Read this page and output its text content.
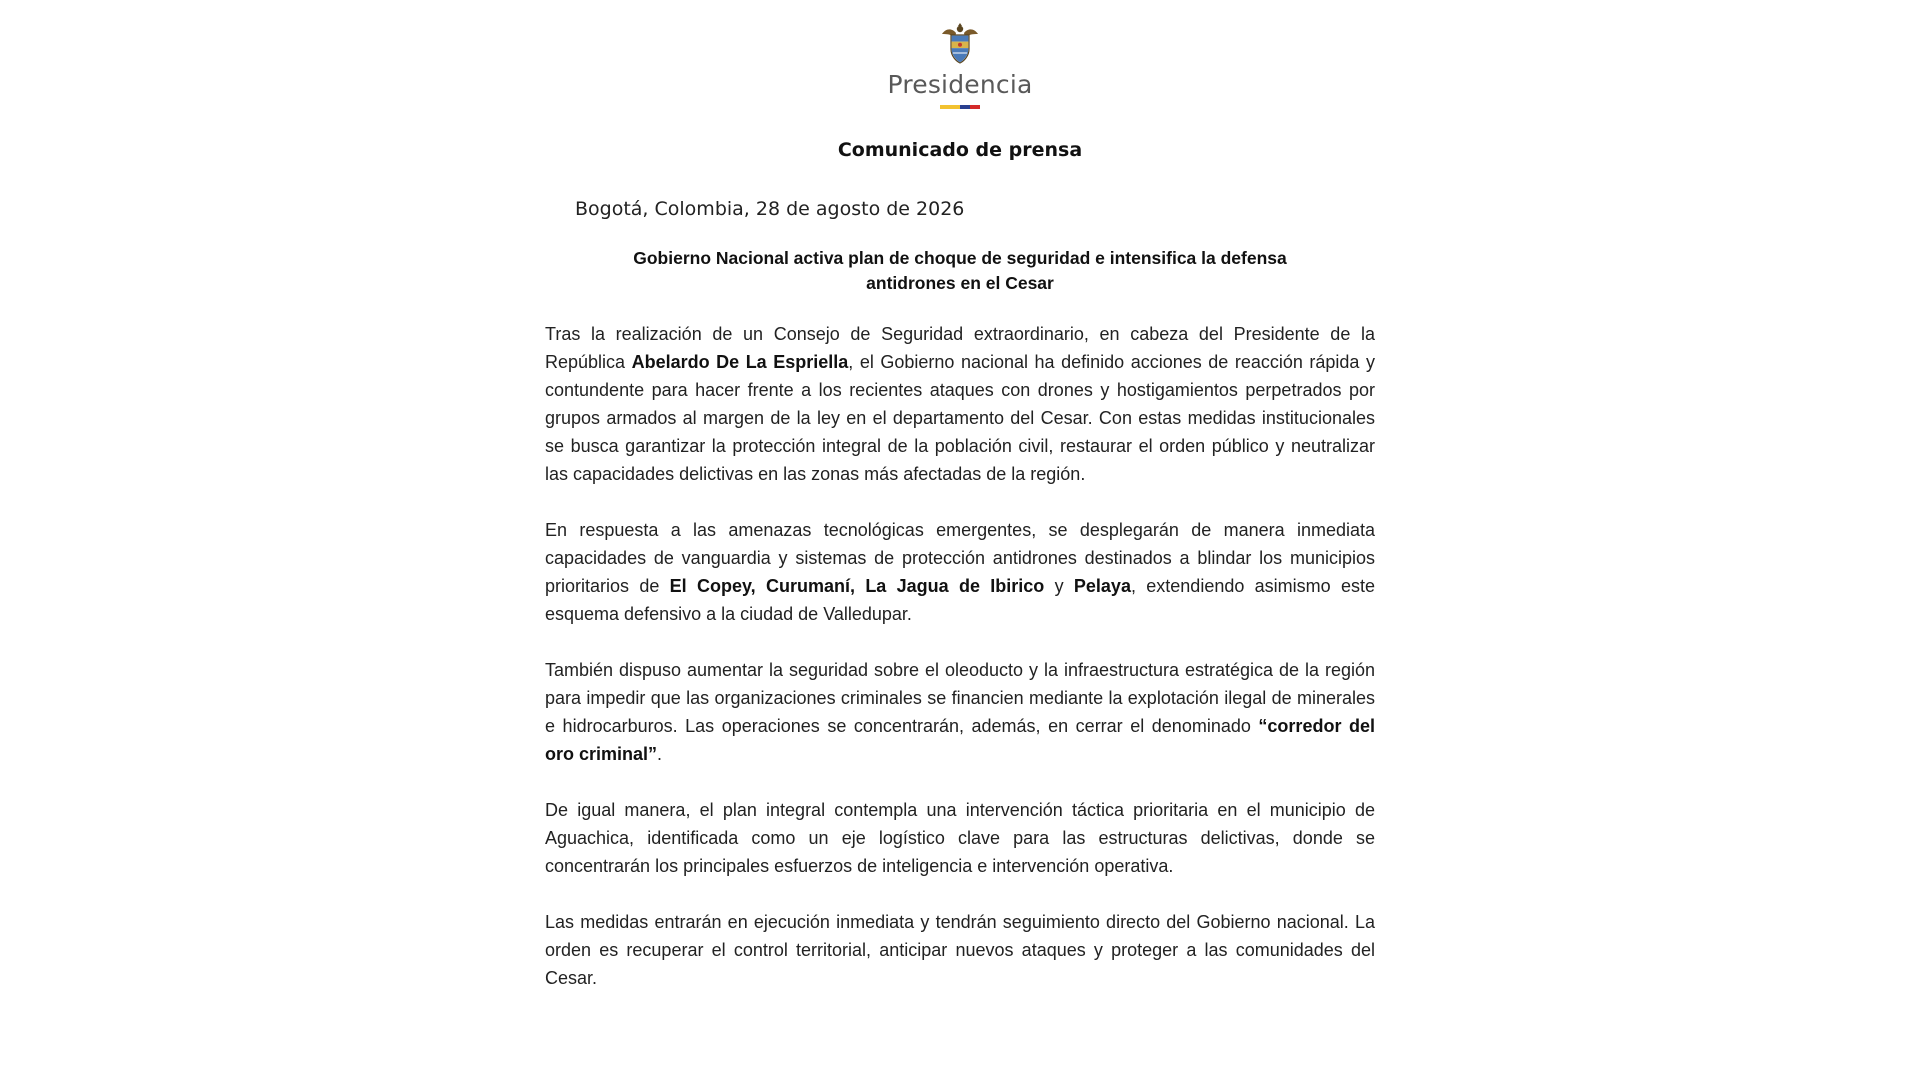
Presidencia
Comunicado de prensa
Bogotá, Colombia, 28 de agosto de 2026
Gobierno Nacional activa plan de choque de seguridad e intensifica la defensa
antidrones en el Cesar

Tras la realización de un Consejo de Seguridad extraordinario, en cabeza del Presidente de la República Abelardo De La Espriella, el Gobierno nacional ha definido acciones de reacción rápida y contundente para hacer frente a los recientes ataques con drones y hostigamientos perpetrados por grupos armados al margen de la ley en el departamento del Cesar. Con estas medidas institucionales se busca garantizar la protección integral de la población civil, restaurar el orden público y neutralizar las capacidades delictivas en las zonas más afectadas de la región.

En respuesta a las amenazas tecnológicas emergentes, se desplegarán de manera inmediata capacidades de vanguardia y sistemas de protección antidrones destinados a blindar los municipios prioritarios de El Copey, Curumaní, La Jagua de Ibirico y Pelaya, extendiendo asimismo este esquema defensivo a la ciudad de Valledupar.

También dispuso aumentar la seguridad sobre el oleoducto y la infraestructura estratégica de la región para impedir que las organizaciones criminales se financien mediante la explotación ilegal de minerales e hidrocarburos. Las operaciones se concentrarán, además, en cerrar el denominado “corredor del oro criminal”.

De igual manera, el plan integral contempla una intervención táctica prioritaria en el municipio de Aguachica, identificada como un eje logístico clave para las estructuras delictivas, donde se concentrarán los principales esfuerzos de inteligencia e intervención operativa.

Las medidas entrarán en ejecución inmediata y tendrán seguimiento directo del Gobierno nacional. La orden es recuperar el control territorial, anticipar nuevos ataques y proteger a las comunidades del Cesar.
